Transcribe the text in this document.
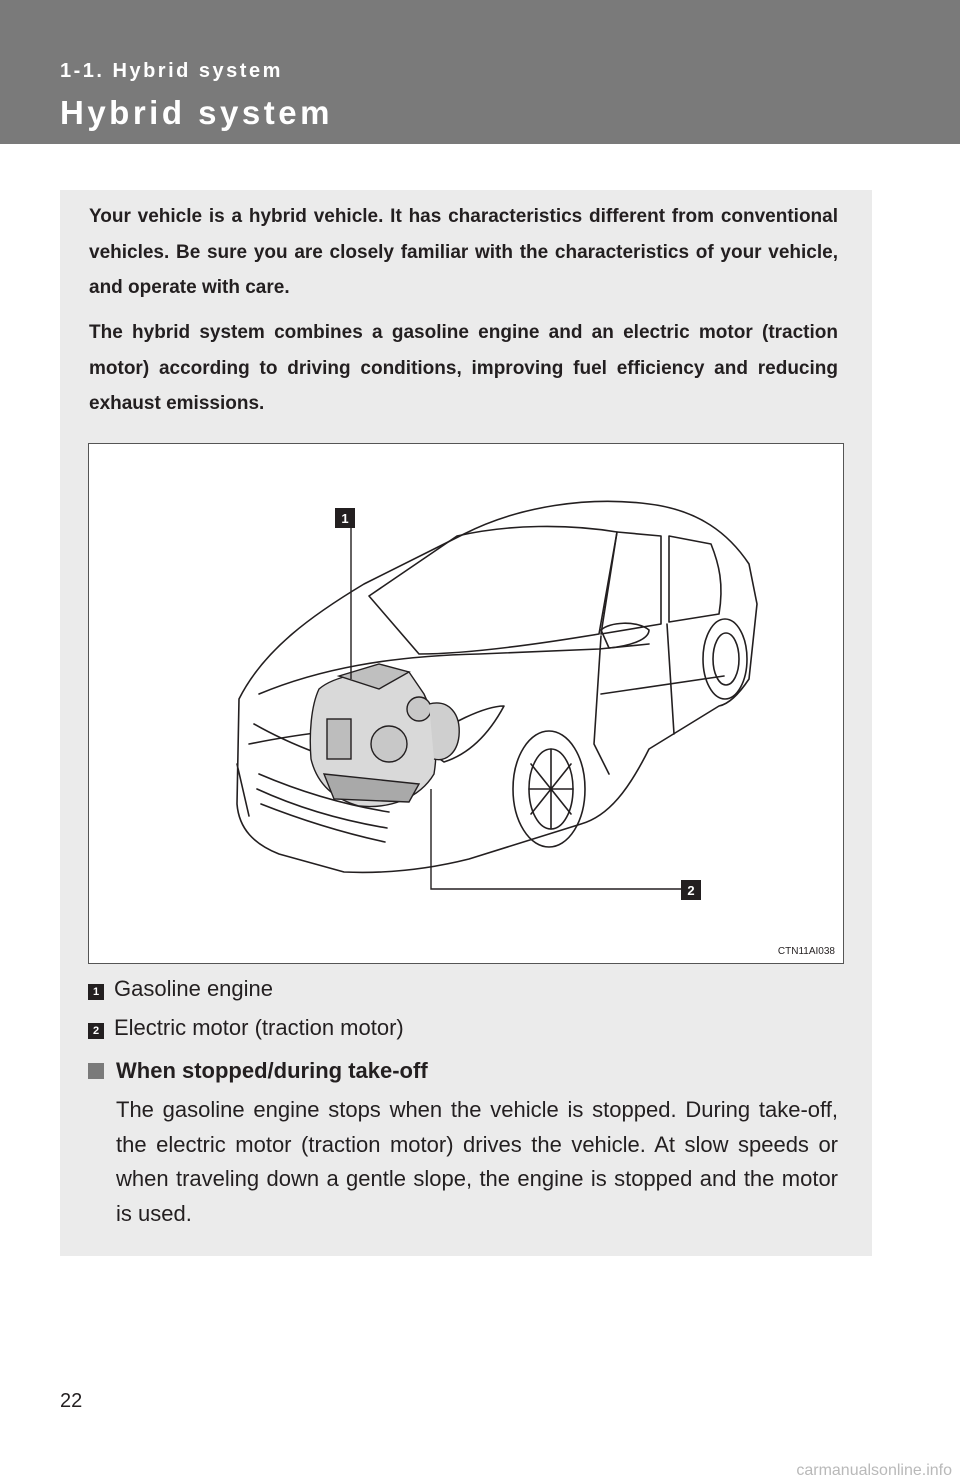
1-1. Hybrid system
Hybrid system

Your vehicle is a hybrid vehicle. It has characteristics different from conventional vehicles. Be sure you are closely familiar with the characteristics of your vehicle, and operate with care.

The hybrid system combines a gasoline engine and an electric motor (traction motor) according to driving conditions, improving fuel efficiency and reducing exhaust emissions.

1
2
CTN11AI038
1 Gasoline engine
2 Electric motor (traction motor)
When stopped/during take-off

The gasoline engine stops when the vehicle is stopped. During take-off, the electric motor (traction motor) drives the vehicle. At slow speeds or when traveling down a gentle slope, the engine is stopped and the motor is used.

22
carmanualsonline.info
